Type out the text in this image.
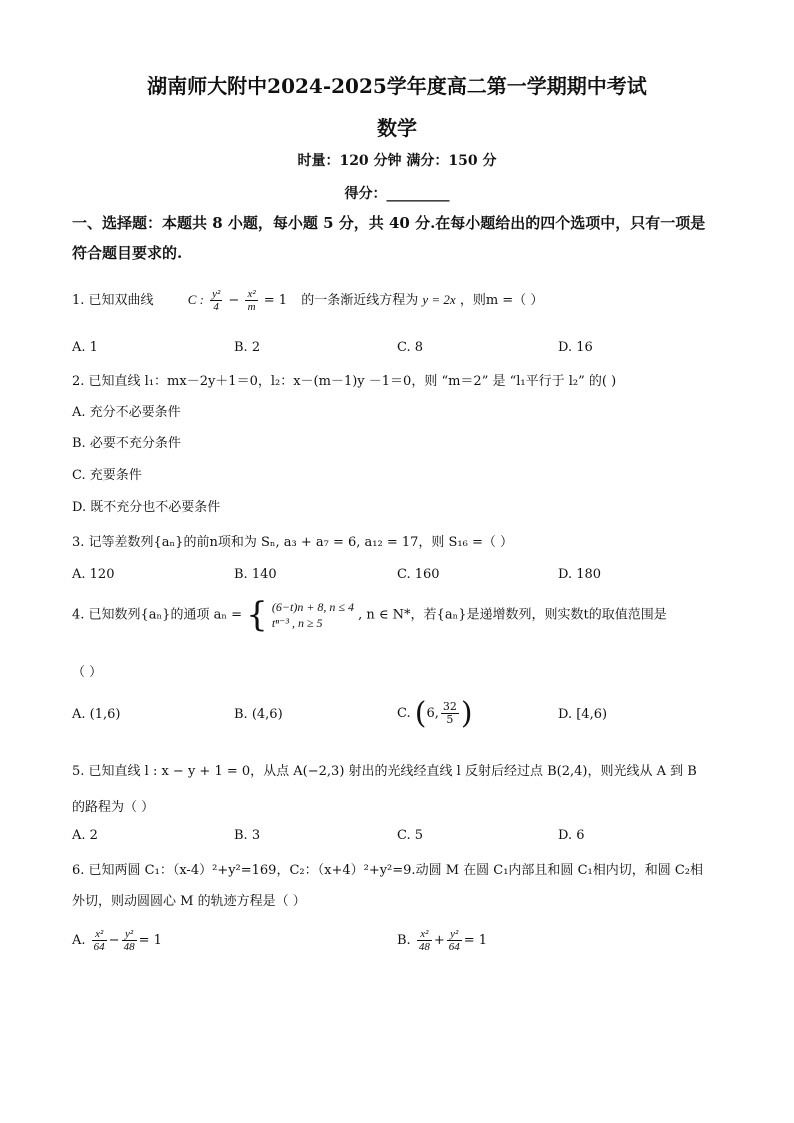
湖南师大附中2024-2025学年度高二第一学期期中考试
数学
时量：120 分钟 满分：150 分
得分：_________
一、选择题：本题共 8 小题，每小题 5 分，共 40 分.在每小题给出的四个选项中，只有一项是
符合题目要求的.
1. 已知双曲线	C : $\frac{\text{y²}}{4} - \frac{\text{x²}}{m} = 1$ 的一条渐近线方程为 y = 2x ，则m =（ ）
A. 1	B. 2	C. 8	D. 16
2. 已知直线 l₁：mx－2y＋1＝0，l₂：x－(m－1)y －1＝0，则 “m＝2” 是 “l₁平行于 l₂” 的( )
A. 充分不必要条件
B. 必要不充分条件
C. 充要条件
D. 既不充分也不必要条件
3. 记等差数列{aₙ}的前n项和为 Sₙ, a₃ + a₇ = 6, a₁₂ = 17，则 S₁₆ =（ ）
A. 120	B. 140	C. 160	D. 180
4. 已知数列{aₙ}的通项 aₙ = { (6−t)n + 8, n ≤ 4
tⁿ⁻³ , n ≥ 5
, n ∈ N*，若{aₙ}是递增数列，则实数t的取值范围是
（ ）
A. (1,6)	B. (4,6)	C. (6, $\frac{32}{5}$ )	D. [4,6)
5. 已知直线 l : x − y + 1 = 0，从点 A(−2,3) 射出的光线经直线 l 反射后经过点 B(2,4)，则光线从 A 到 B
的路程为（ ）
A. 2	B. 3	C. 5	D. 6
6. 已知两圆 C₁：（x-4）²+y²=169，C₂：（x+4）²+y²=9.动圆 M 在圆 C₁内部且和圆 C₁相内切，和圆 C₂相
外切，则动圆圆心 M 的轨迹方程是（ ）
A. $\frac{\text{x²}}{64} - \frac{\text{y²}}{48} = 1$	B. $\frac{\text{x²}}{48} + \frac{\text{y²}}{64} = 1$
